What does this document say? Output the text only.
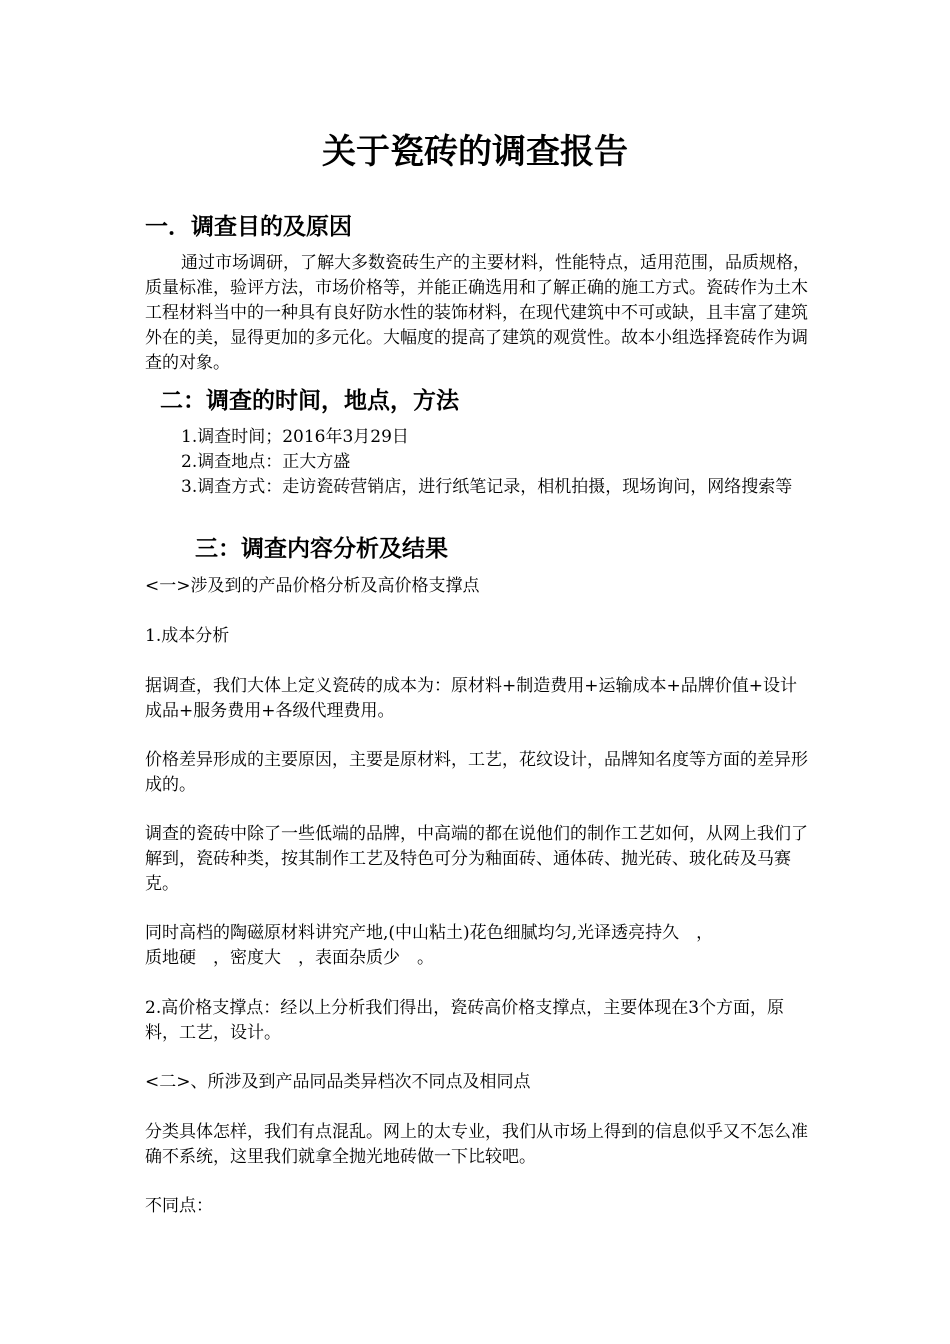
关于瓷砖的调查报告
一．调查目的及原因

通过市场调研，了解大多数瓷砖生产的主要材料，性能特点，适用范围，品质规格，质量标准，验评方法，市场价格等，并能正确选用和了解正确的施工方式。瓷砖作为土木工程材料当中的一种具有良好防水性的装饰材料，在现代建筑中不可或缺，且丰富了建筑外在的美，显得更加的多元化。大幅度的提高了建筑的观赏性。故本小组选择瓷砖作为调查的对象。

二：调查的时间，地点，方法

1.调查时间；2016年3月29日

2.调查地点：正大方盛

3.调查方式：走访瓷砖营销店，进行纸笔记录，相机拍摄，现场询问，网络搜索等

三：调查内容分析及结果

<一>涉及到的产品价格分析及高价格支撑点

1.成本分析

据调查，我们大体上定义瓷砖的成本为：原材料+制造费用+运输成本+品牌价值+设计成品+服务费用+各级代理费用。

价格差异形成的主要原因，主要是原材料，工艺，花纹设计，品牌知名度等方面的差异形成的。

调查的瓷砖中除了一些低端的品牌，中高端的都在说他们的制作工艺如何，从网上我们了解到，瓷砖种类，按其制作工艺及特色可分为釉面砖、通体砖、抛光砖、玻化砖及马赛克。

同时高档的陶磁原材料讲究产地,(中山粘土)花色细腻均匀,光译透亮持久　，

质地硬　，密度大　，表面杂质少　。

2.高价格支撑点：经以上分析我们得出，瓷砖高价格支撑点，主要体现在3个方面，原料，工艺，设计。

<二>、所涉及到产品同品类异档次不同点及相同点

分类具体怎样，我们有点混乱。网上的太专业，我们从市场上得到的信息似乎又不怎么准确不系统，这里我们就拿全抛光地砖做一下比较吧。

不同点：
